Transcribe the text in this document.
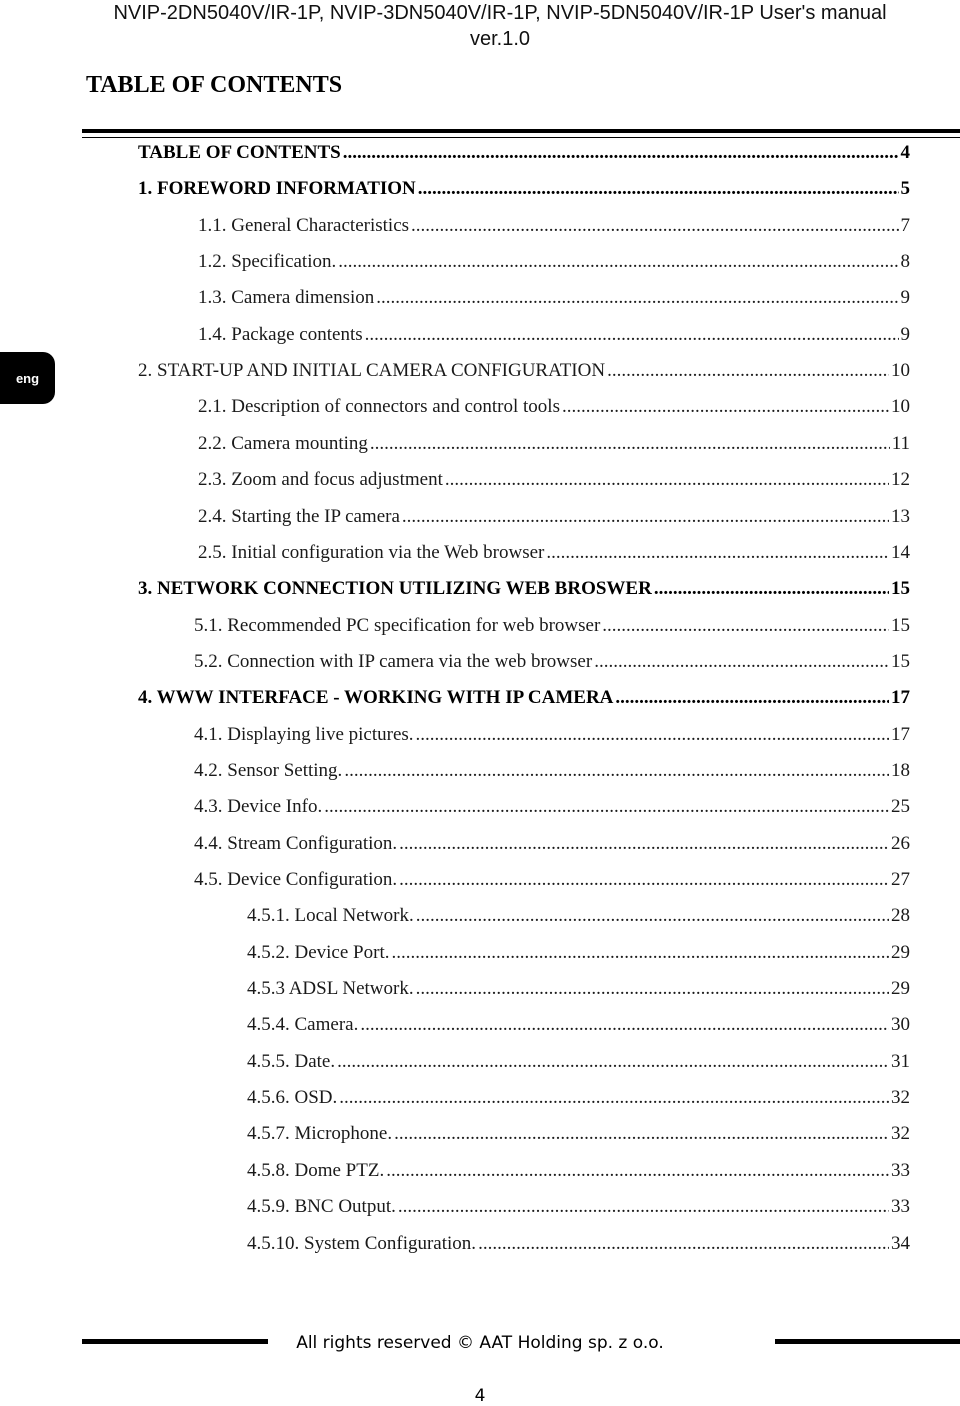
NVIP-2DN5040V/IR-1P, NVIP-3DN5040V/IR-1P, NVIP-5DN5040V/IR-1P User's manual
ver.1.0
TABLE OF CONTENTS
eng
TABLE OF CONTENTS .....	4
1. FOREWORD INFORMATION .....	5
1.1. General Characteristics .....	7
1.2. Specification. .....	8
1.3. Camera dimension .....	9
1.4. Package contents .....	9
2. START-UP AND INITIAL CAMERA CONFIGURATION .....	10
2.1. Description of connectors and control tools .....	10
2.2. Camera mounting .....	11
2.3. Zoom and focus adjustment .....	12
2.4. Starting the IP camera .....	13
2.5. Initial configuration via the Web browser .....	14
3. NETWORK CONNECTION UTILIZING WEB BROSWER .....	15
5.1. Recommended PC specification for web browser .....	15
5.2. Connection with IP camera via the web browser .....	15
4. WWW INTERFACE - WORKING WITH IP CAMERA .....	17
4.1. Displaying live pictures. .....	17
4.2. Sensor Setting. .....	18
4.3. Device Info. .....	25
4.4. Stream Configuration. .....	26
4.5. Device Configuration. .....	27
4.5.1. Local Network. .....	28
4.5.2. Device Port. .....	29
4.5.3 ADSL Network. .....	29
4.5.4. Camera. .....	30
4.5.5. Date. .....	31
4.5.6. OSD. .....	32
4.5.7. Microphone. .....	32
4.5.8. Dome PTZ. .....	33
4.5.9. BNC Output. .....	33
4.5.10. System Configuration. .....	34
All rights reserved © AAT Holding sp. z o.o.
4
